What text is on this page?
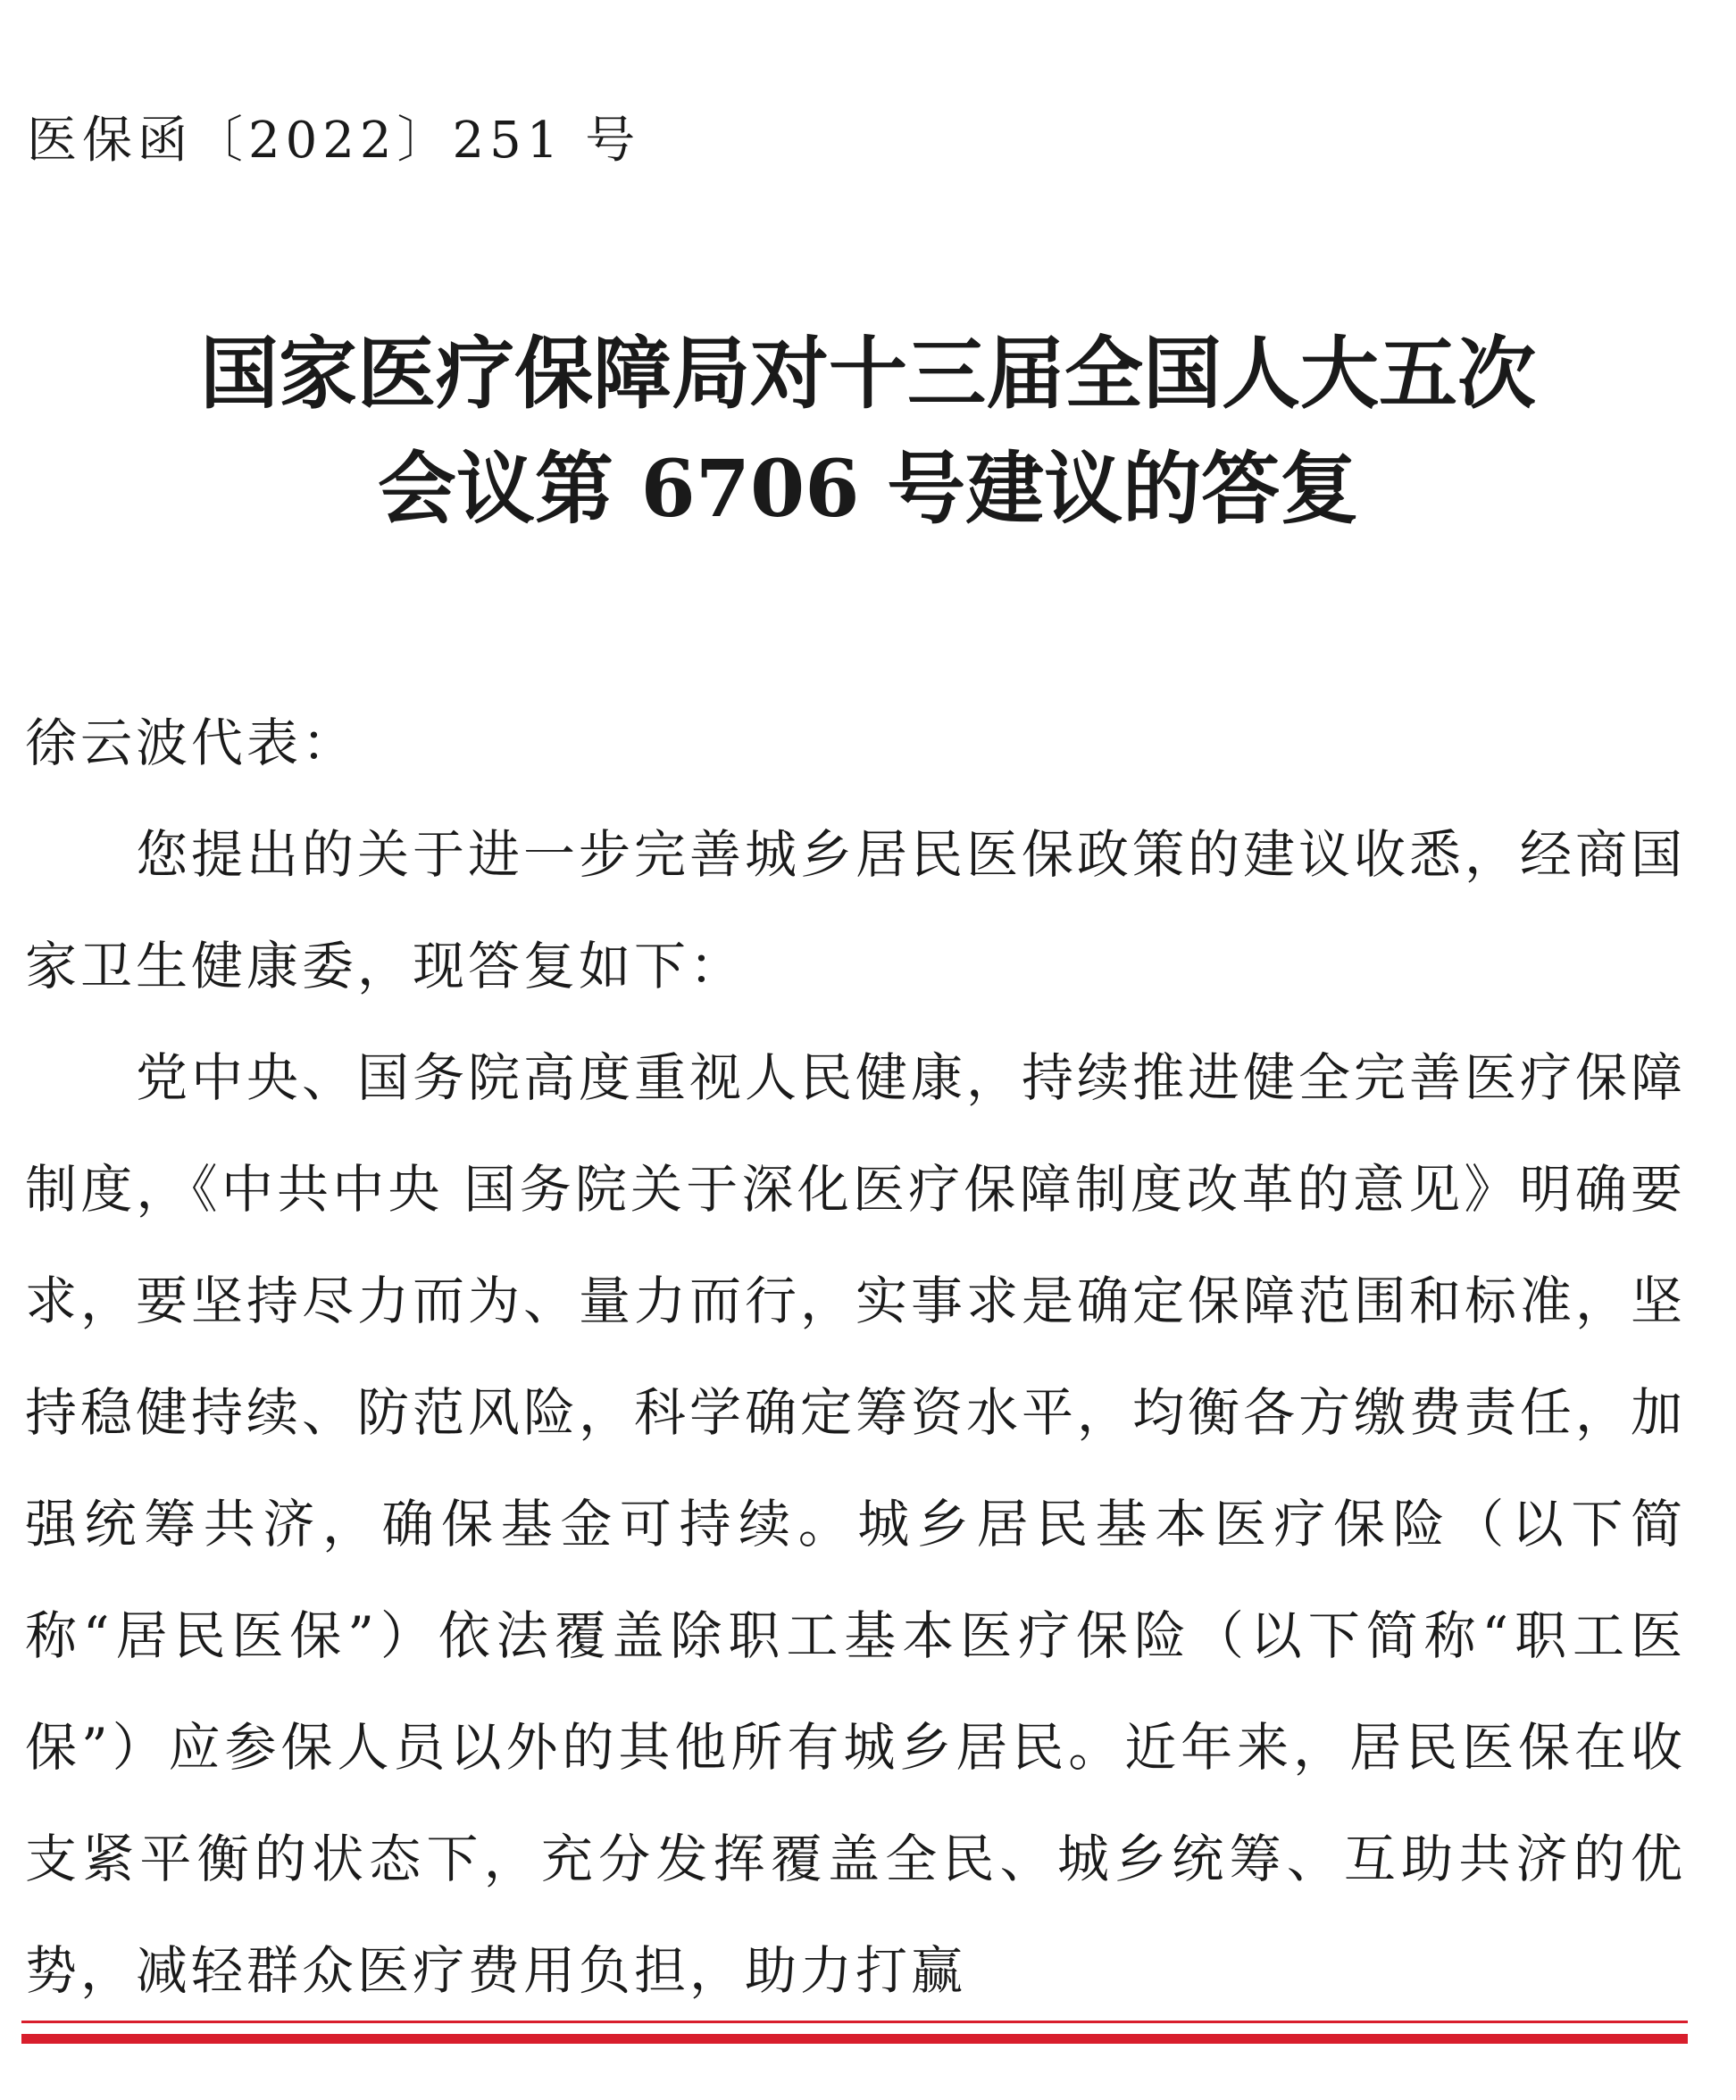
医保函〔2022〕251 号
国家医疗保障局对十三届全国人大五次
会议第 6706 号建议的答复

徐云波代表：

您提出的关于进一步完善城乡居民医保政策的建议收悉，经商国家卫生健康委，现答复如下：

党中央、国务院高度重视人民健康，持续推进健全完善医疗保障制度，《中共中央 国务院关于深化医疗保障制度改革的意见》明确要求，要坚持尽力而为、量力而行，实事求是确定保障范围和标准，坚持稳健持续、防范风险，科学确定筹资水平，均衡各方缴费责任，加强统筹共济，确保基金可持续。城乡居民基本医疗保险（以下简称“居民医保”）依法覆盖除职工基本医疗保险（以下简称“职工医保”）应参保人员以外的其他所有城乡居民。近年来，居民医保在收支紧平衡的状态下，充分发挥覆盖全民、城乡统筹、互助共济的优势，减轻群众医疗费用负担，助力打赢
